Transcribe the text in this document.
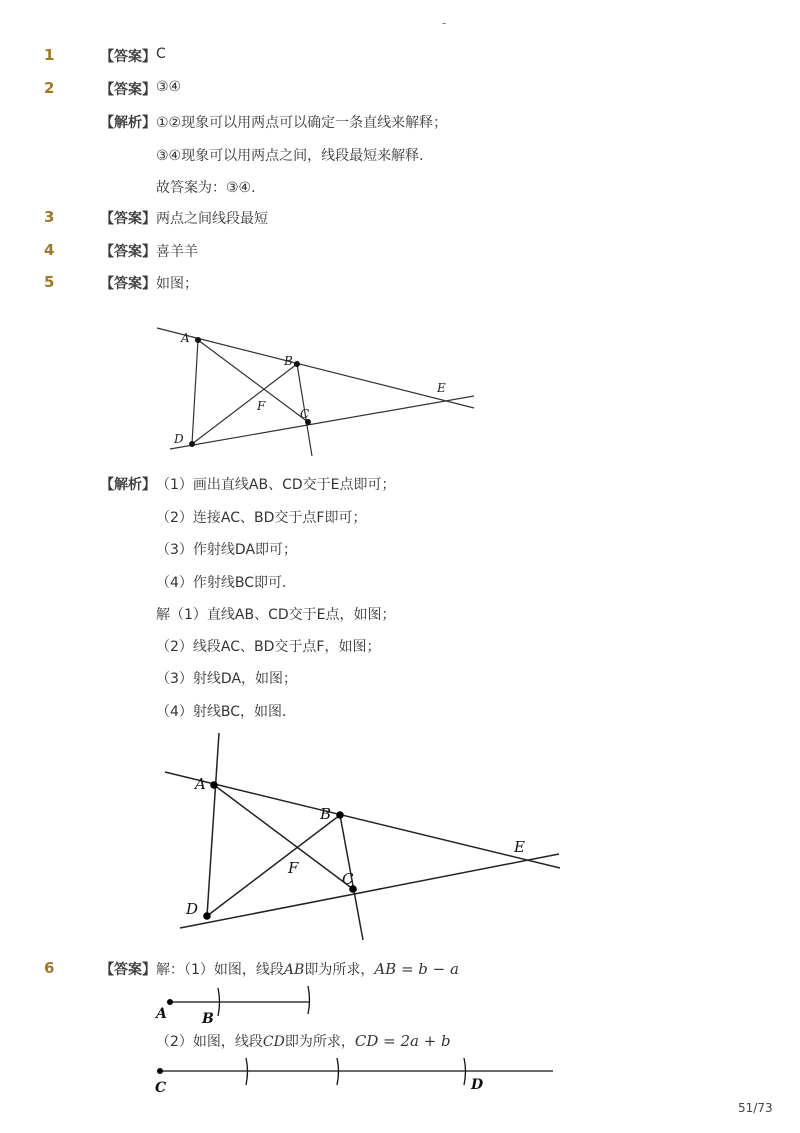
-
1	【答案】 C
2	【答案】 ③④
【解析】 ①②现象可以用两点可以确定一条直线来解释；
③④现象可以用两点之间，线段最短来解释．
故答案为：③④．
3	【答案】 两点之间线段最短
4	【答案】 喜羊羊
5	【答案】 如图；
A
B
C
D
E
F
【解析】 （1）画出直线AB、CD交于E点即可；
（2）连接AC、BD交于点F即可；
（3）作射线DA即可；
（4）作射线BC即可．
解（1）直线AB、CD交于E点，如图；
（2）线段AC、BD交于点F，如图；
（3）射线DA，如图；
（4）射线BC，如图．
A
B
C
D
E
F
6	【答案】 解：（1）如图，线段AB即为所求，AB = b − a
A	B
（2）如图，线段CD即为所求，CD = 2a + b
C	D
51/73
